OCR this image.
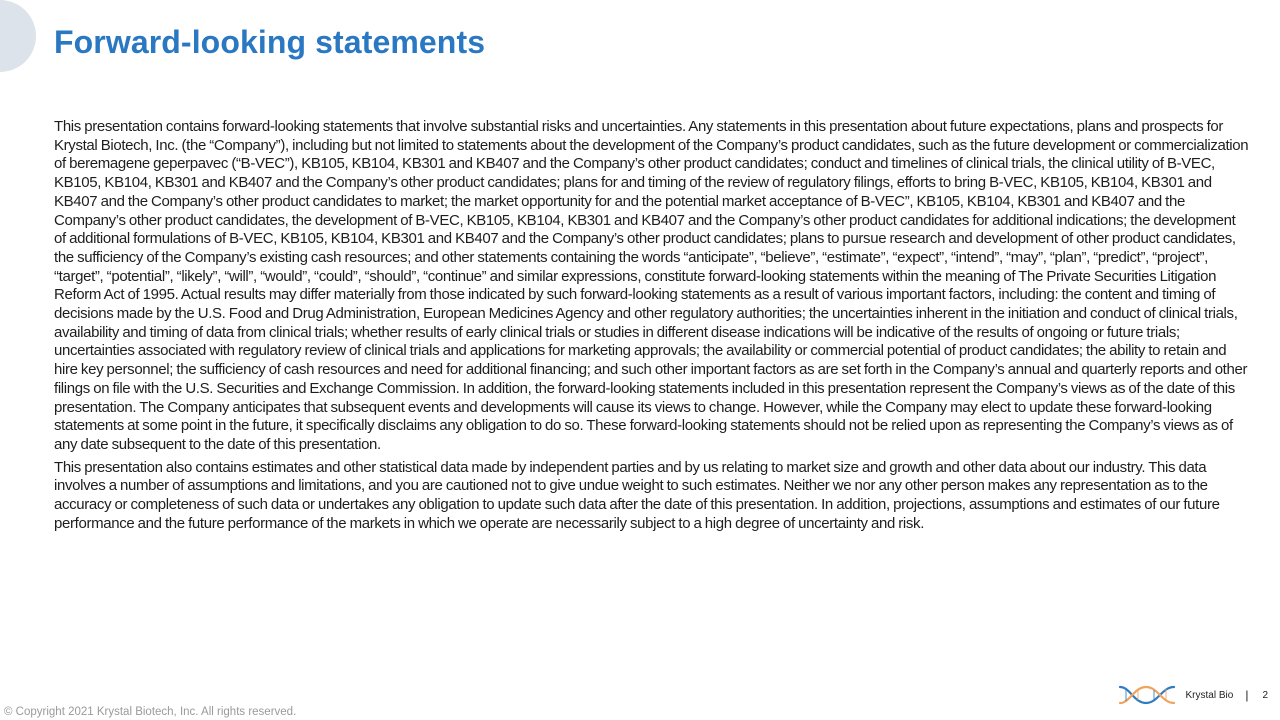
Forward-looking statements

This presentation contains forward-looking statements that involve substantial risks and uncertainties. Any statements in this presentation about future expectations, plans and prospects for Krystal Biotech, Inc. (the “Company”), including but not limited to statements about the development of the Company’s product candidates, such as the future development or commercialization of beremagene geperpavec (“B-VEC”), KB105, KB104, KB301 and KB407 and the Company’s other product candidates; conduct and timelines of clinical trials, the clinical utility of B-VEC, KB105, KB104, KB301 and KB407 and the Company’s other product candidates; plans for and timing of the review of regulatory filings, efforts to bring B-VEC, KB105, KB104, KB301 and KB407 and the Company’s other product candidates to market; the market opportunity for and the potential market acceptance of B-VEC”, KB105, KB104, KB301 and KB407 and the Company’s other product candidates, the development of B-VEC, KB105, KB104, KB301 and KB407 and the Company’s other product candidates for additional indications; the development of additional formulations of B-VEC, KB105, KB104, KB301 and KB407 and the Company’s other product candidates; plans to pursue research and development of other product candidates, the sufficiency of the Company’s existing cash resources; and other statements containing the words “anticipate”, “believe”, “estimate”, “expect”, “intend”, “may”, “plan”, “predict”, “project”, “target”, “potential”, “likely”, “will”, “would”, “could”, “should”, “continue” and similar expressions, constitute forward-looking statements within the meaning of The Private Securities Litigation Reform Act of 1995. Actual results may differ materially from those indicated by such forward-looking statements as a result of various important factors, including: the content and timing of decisions made by the U.S. Food and Drug Administration, European Medicines Agency and other regulatory authorities; the uncertainties inherent in the initiation and conduct of clinical trials, availability and timing of data from clinical trials; whether results of early clinical trials or studies in different disease indications will be indicative of the results of ongoing or future trials; uncertainties associated with regulatory review of clinical trials and applications for marketing approvals; the availability or commercial potential of product candidates; the ability to retain and hire key personnel; the sufficiency of cash resources and need for additional financing; and such other important factors as are set forth in the Company’s annual and quarterly reports and other filings on file with the U.S. Securities and Exchange Commission. In addition, the forward-looking statements included in this presentation represent the Company’s views as of the date of this presentation. The Company anticipates that subsequent events and developments will cause its views to change. However, while the Company may elect to update these forward-looking statements at some point in the future, it specifically disclaims any obligation to do so. These forward-looking statements should not be relied upon as representing the Company’s views as of any date subsequent to the date of this presentation.

This presentation also contains estimates and other statistical data made by independent parties and by us relating to market size and growth and other data about our industry. This data involves a number of assumptions and limitations, and you are cautioned not to give undue weight to such estimates. Neither we nor any other person makes any representation as to the accuracy or completeness of such data or undertakes any obligation to update such data after the date of this presentation. In addition, projections, assumptions and estimates of our future performance and the future performance of the markets in which we operate are necessarily subject to a high degree of uncertainty and risk.

© Copyright 2021 Krystal Biotech, Inc. All rights reserved.
Krystal Bio | 2
